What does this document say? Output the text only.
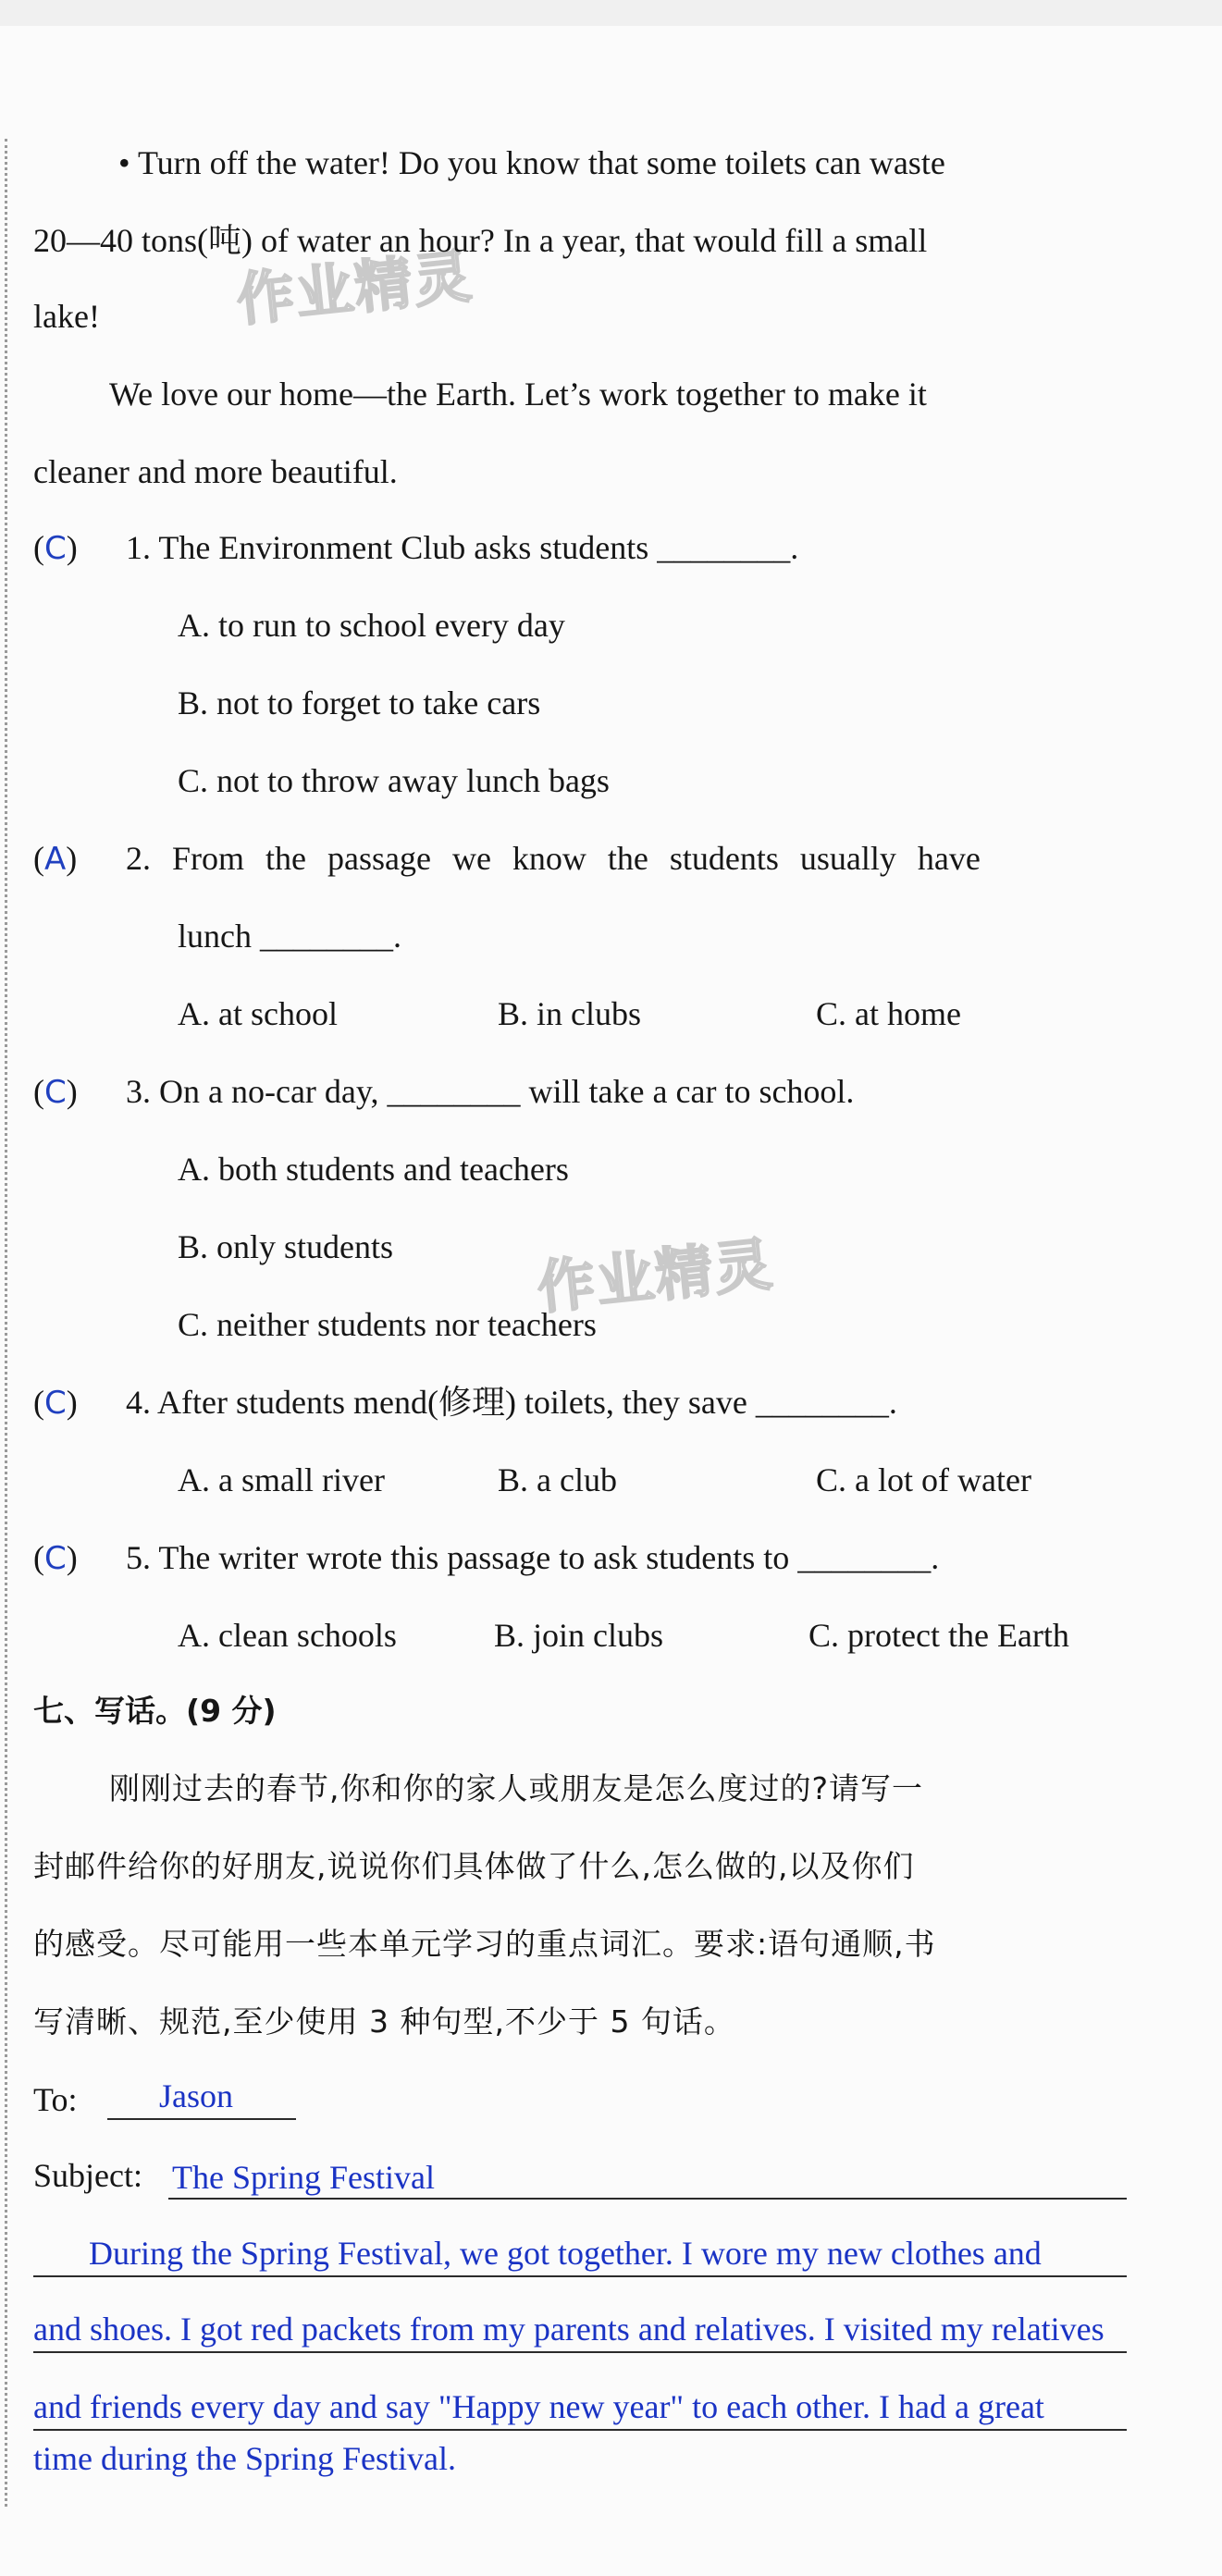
作业精灵
作业精灵
• Turn off the water! Do you know that some toilets can waste
20—40 tons(吨) of water an hour? In a year, that would fill a small
lake!
We love our home—the Earth. Let’s work together to make it
cleaner and more beautiful.
(C) 1. The Environment Club asks students ________.
A. to run to school every day
B. not to forget to take cars
C. not to throw away lunch bags
(A) 2. From the passage we know the students usually have
lunch ________.
A. at school	B. in clubs	C. at home
(C) 3. On a no-car day, ________ will take a car to school.
A. both students and teachers
B. only students
C. neither students nor teachers
(C) 4. After students mend(修理) toilets, they save ________.
A. a small river	B. a club	C. a lot of water
(C) 5. The writer wrote this passage to ask students to ________.
A. clean schools	B. join clubs	C. protect the Earth
七、写话。(9 分)
刚刚过去的春节,你和你的家人或朋友是怎么度过的?请写一
封邮件给你的好朋友,说说你们具体做了什么,怎么做的,以及你们
的感受。尽可能用一些本单元学习的重点词汇。要求:语句通顺,书
写清晰、规范,至少使用 3 种句型,不少于 5 句话。
To: Jason
Subject: The Spring Festival
During the Spring Festival, we got together. I wore my new clothes and
and shoes. I got red packets from my parents and relatives. I visited my relatives
and friends every day and say "Happy new year" to each other. I had a great
time during the Spring Festival.
